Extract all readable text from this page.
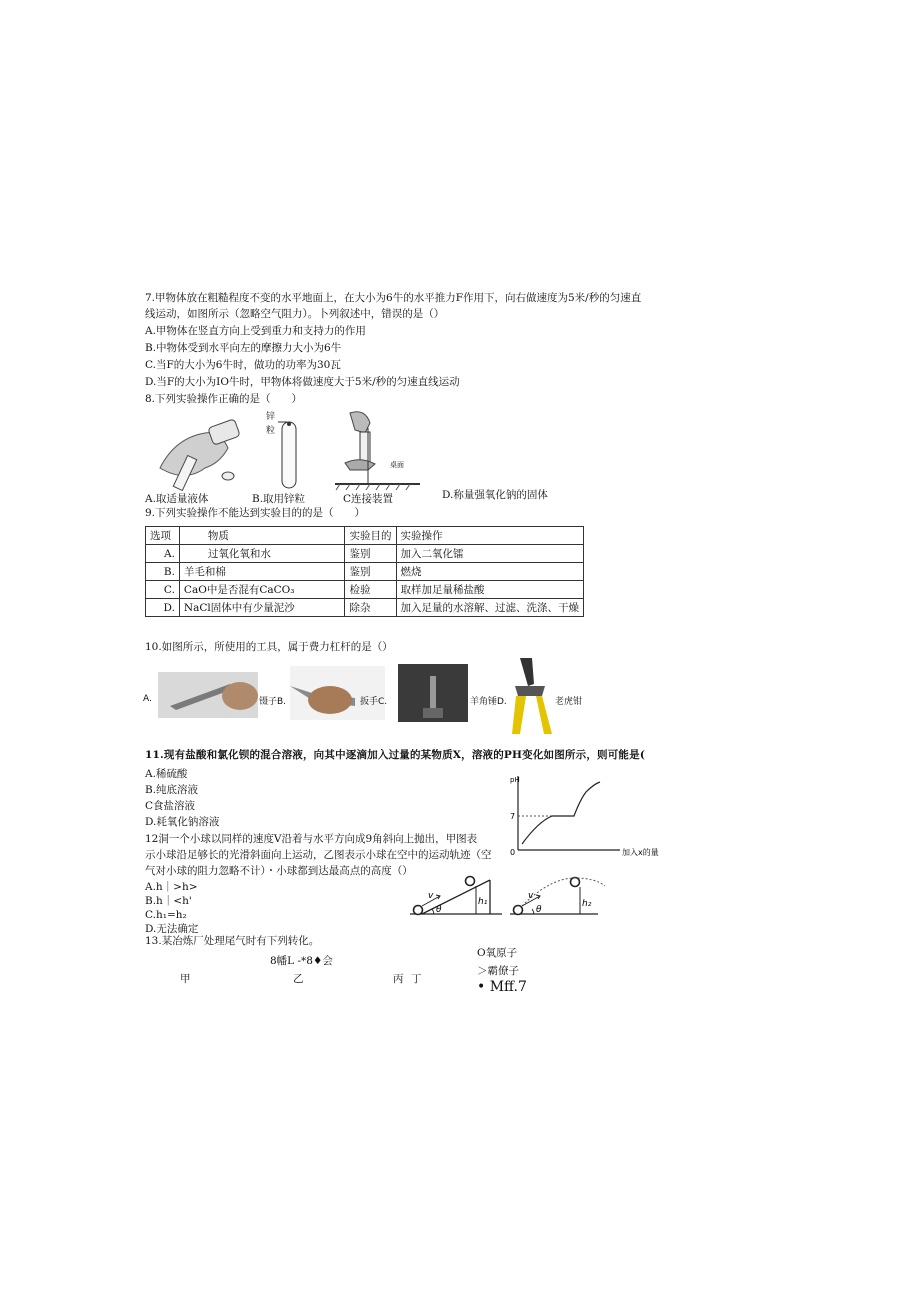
7.甲物体放在粗糙程度不变的水平地面上，在大小为6牛的水平推力F作用下，向右做速度为5米/秒的匀速直
线运动，如图所示（忽略空气阻力）。卜列叙述中，错误的是（）
A.甲物体在竖直方向上受到重力和支持力的作用
B.中物体受到水平向左的摩擦力大小为6牛
C.当F的大小为6牛时，做功的功率为30瓦
D.当F的大小为IO牛时，甲物体将做速度大于5米/秒的匀速直线运动
8.下列实验操作正确的是（　　）
锌
粒
桌面
A.取适量液体	B.取用锌粒	C连接装置	D.称量强氧化钠的固体
9.下列实验操作不能达到实验目的的是（　　）
选项	物质	实验目的	实验操作
A.	过氧化氧和水	鉴别	加入二氧化镭
B.	羊毛和棉	鉴别	燃烧
C.	CaO中是否混有CaCO₃	检验	取样加足量稀盐酸
D.	NaCl固体中有少量泥沙	除杂	加入足量的水溶解、过滤、洗涤、干燥
10.如图所示，所使用的工具，属于费力杠杆的是（）
A.	镊子B.	扳手C.	羊角锤D.	老虎钳
11.现有盐酸和氯化钡的混合溶液，向其中逐滴加入过量的某物质X，溶液的PH变化如图所示，则可能是(
A.稀硫酸
B.纯底溶液
C食盐溶液
D.耗氧化钠溶液
pH
7
0	加入x的量
12洞一个小球以同样的速度V沿着与水平方向成9角斜向上抛出，甲图表
示小球沿足够长的光滑斜面向上运动，乙图表示小球在空中的运动轨迹（空
气对小球的阻力忽略不计）・小球都到达最高点的高度（）
A.h｜>h>
B.h｜<h'
C.h₁=h₂
D.无法确定
v
θ
h₁
v
θ
h₂
13.某冶炼厂处理尾气时有下列转化。
8幡L -*8♦会
甲	乙	丙 丁
O氧原子
＞霸僚子
• Mff.7
